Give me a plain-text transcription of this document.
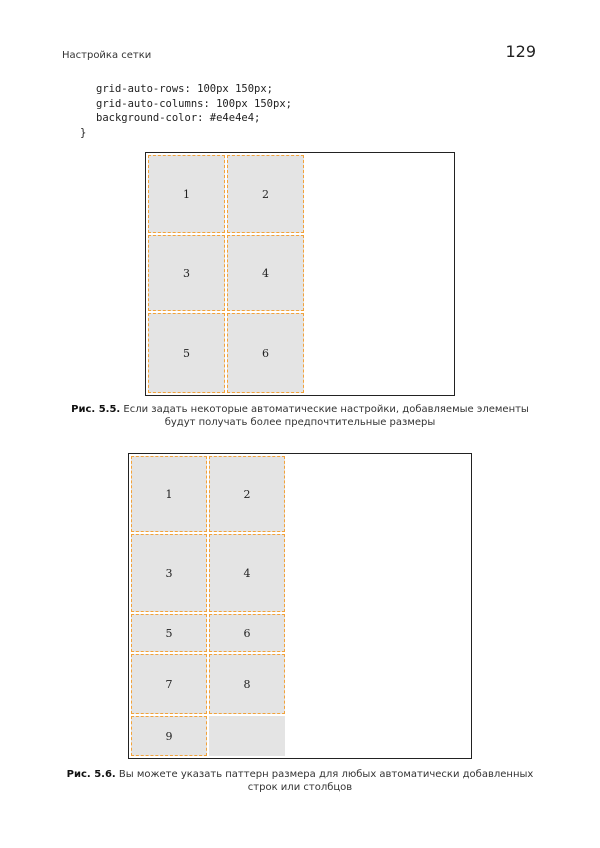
Настройка сетки	129
grid-auto-rows: 100px 150px;
grid-auto-columns: 100px 150px;
background-color: #e4e4e4;
}
1	2
3	4
5	6
Рис. 5.5. Если задать некоторые автоматические настройки, добавляемые элементы
будут получать более предпочтительные размеры
1	2
3	4
5	6
7	8
9
Рис. 5.6. Вы можете указать паттерн размера для любых автоматически добавленных
строк или столбцов
